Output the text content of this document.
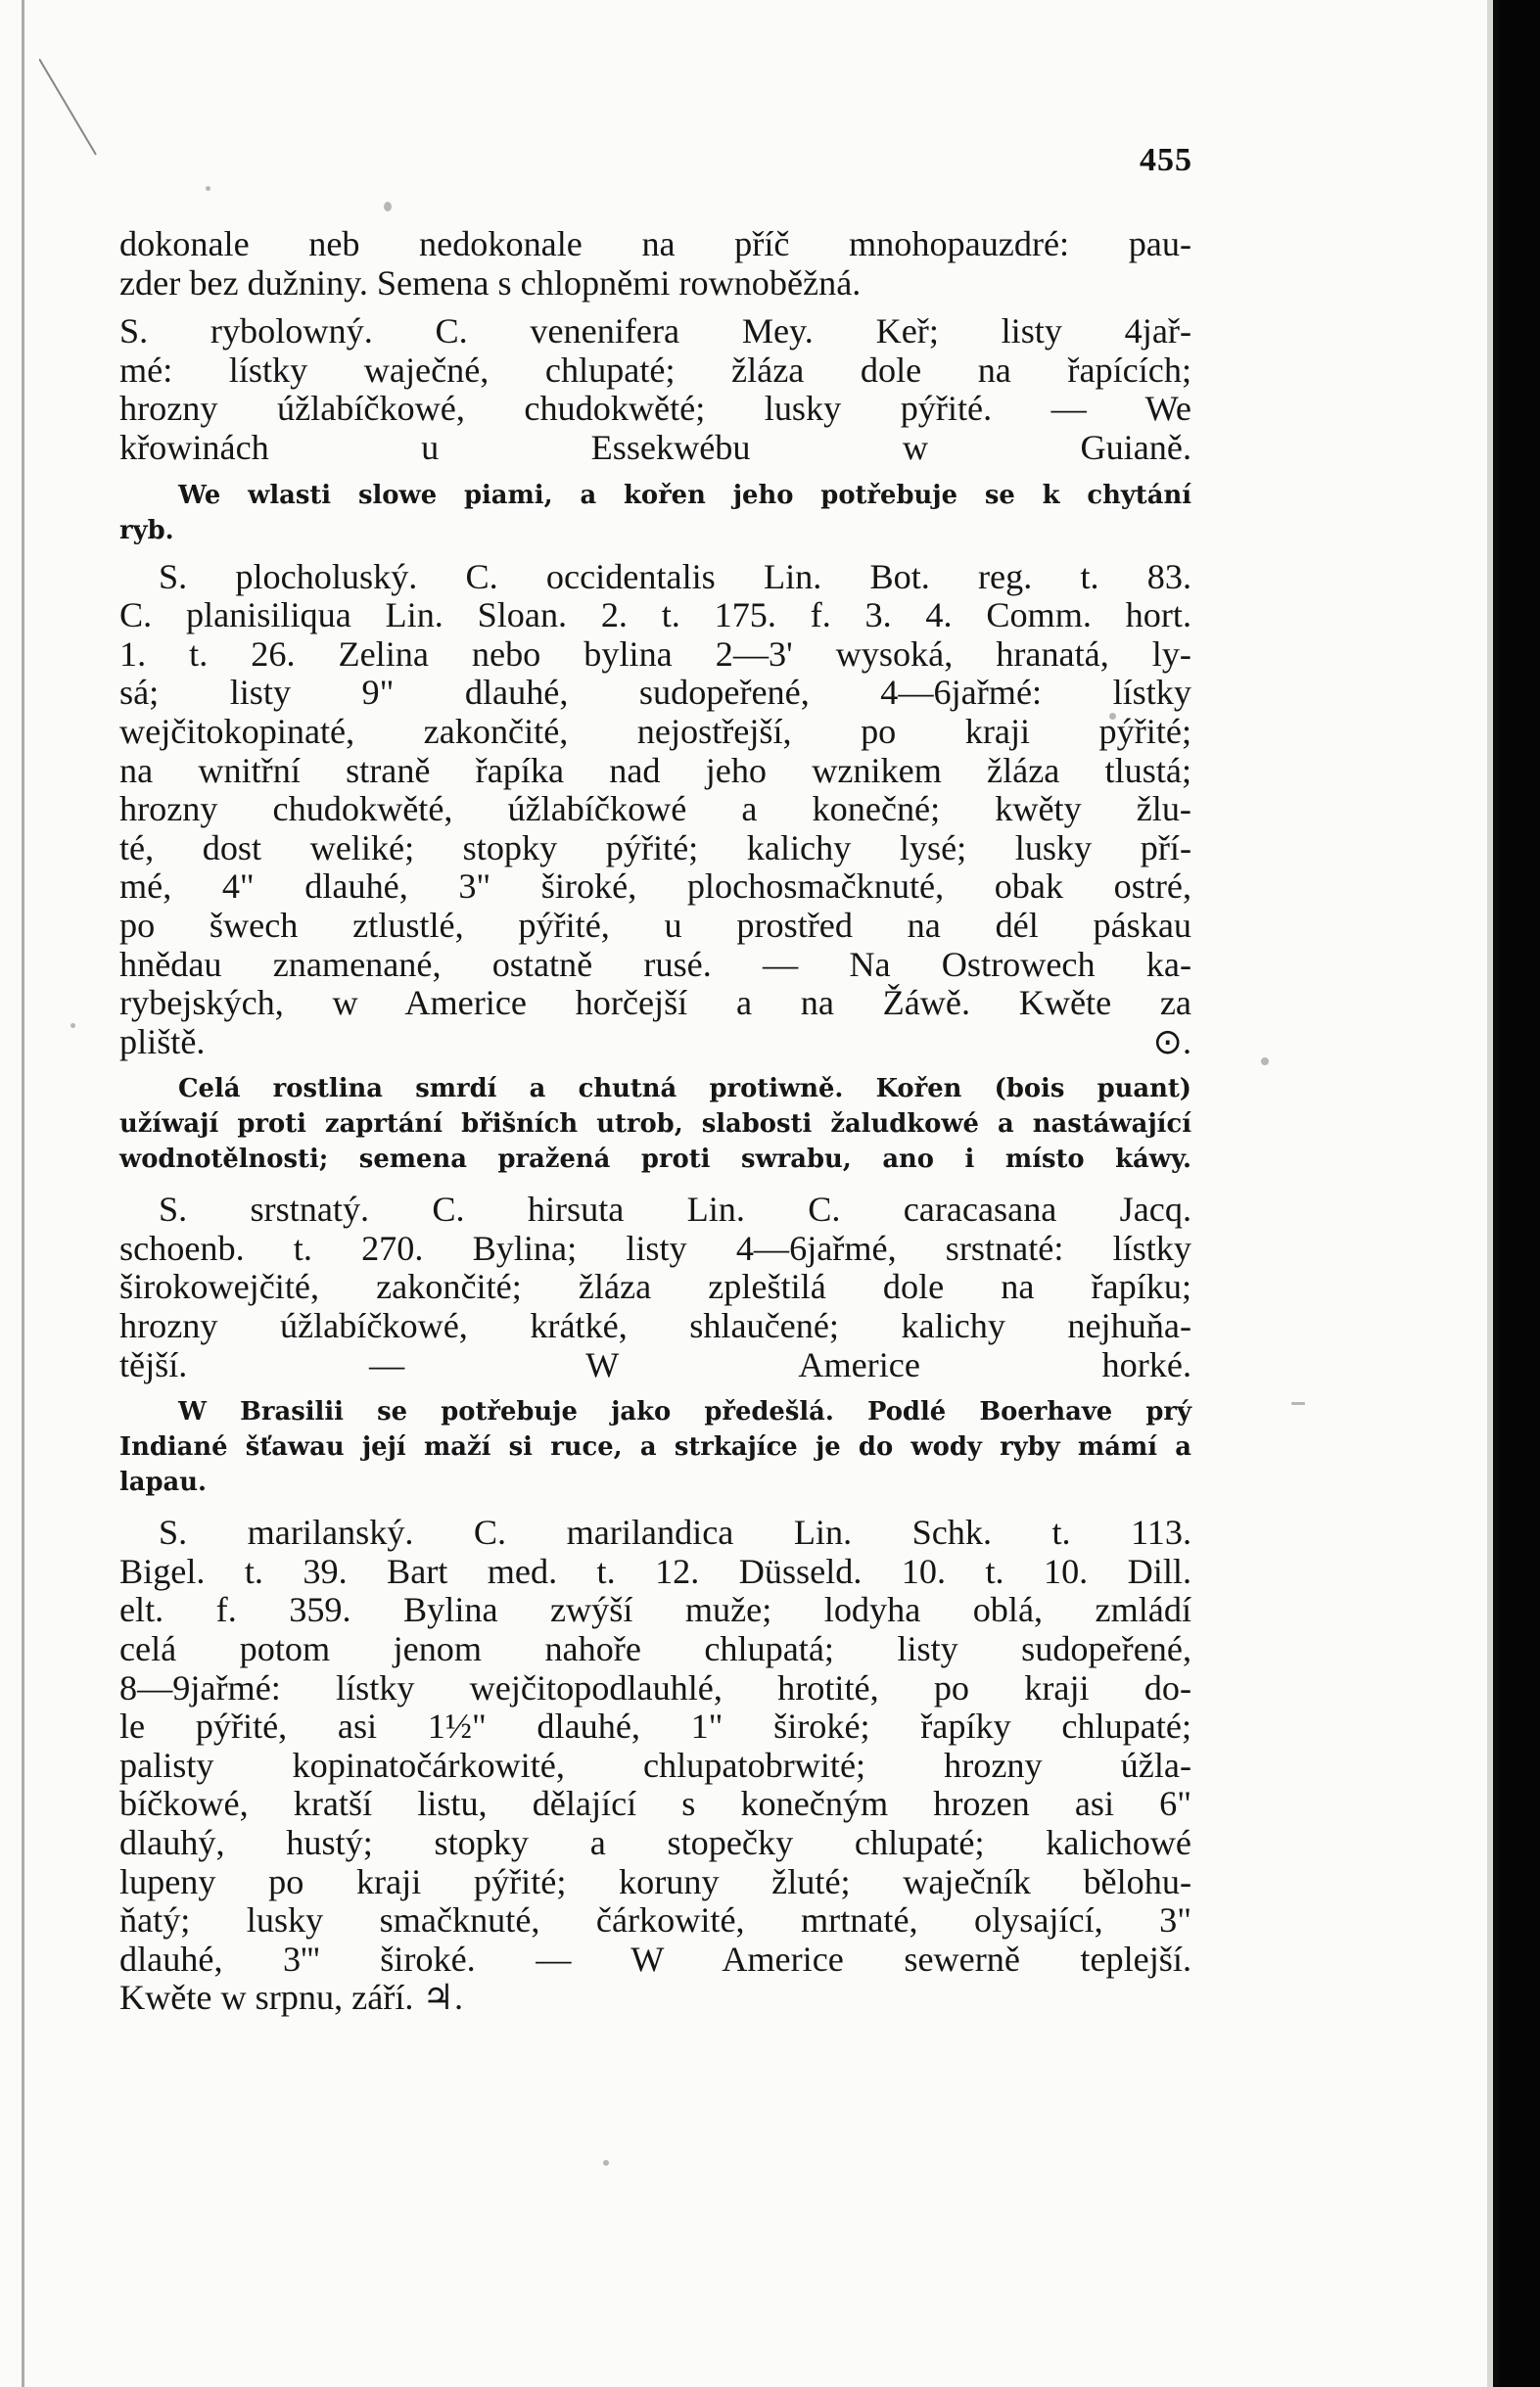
455

dokonale neb nedokonale na příč mnohopauzdré: pau-
zder bez dužniny. Semena s chlopněmi rownoběžná.

S. rybolowný. C. venenifera Mey. Keř; listy 4jař-
mé: lístky waječné, chlupaté; žláza dole na řapících;
hrozny úžlabíčkowé, chudokwěté; lusky pýřité. — We
křowinách u Essekwébu w Guianě.

We wlasti slowe piami, a kořen jeho potřebuje se k chytání
ryb.

S. plocholuský. C. occidentalis Lin. Bot. reg. t. 83.
C. planisiliqua Lin. Sloan. 2. t. 175. f. 3. 4. Comm. hort.
1. t. 26. Zelina nebo bylina 2—3' wysoká, hranatá, ly-
sá; listy 9" dlauhé, sudopeřené, 4—6jařmé: lístky
wejčitokopinaté, zakončité, nejostřejší, po kraji pýřité;
na wnitřní straně řapíka nad jeho wznikem žláza tlustá;
hrozny chudokwěté, úžlabíčkowé a konečné; kwěty žlu-
té, dost weliké; stopky pýřité; kalichy lysé; lusky pří-
mé, 4" dlauhé, 3" široké, plochosmačknuté, obak ostré,
po šwech ztlustlé, pýřité, u prostřed na dél páskau
hnědau znamenané, ostatně rusé. — Na Ostrowech ka-
rybejských, w Americe horčejší a na Žáwě. Kwěte za
pliště. ⊙.

Celá rostlina smrdí a chutná protiwně. Kořen (bois puant)
užíwají proti zaprtání břišních utrob, slabosti žaludkowé a nastáwající
wodnotělnosti; semena pražená proti swrabu, ano i místo káwy.

S. srstnatý. C. hirsuta Lin. C. caracasana Jacq.
schoenb. t. 270. Bylina; listy 4—6jařmé, srstnaté: lístky
širokowejčité, zakončité; žláza zpleštilá dole na řapíku;
hrozny úžlabíčkowé, krátké, shlaučené; kalichy nejhuňa-
tější. — W Americe horké.

W Brasilii se potřebuje jako předešlá. Podlé Boerhave prý
Indiané šťawau její maží si ruce, a strkajíce je do wody ryby mámí a
lapau.

S. marilanský. C. marilandica Lin. Schk. t. 113.
Bigel. t. 39. Bart med. t. 12. Düsseld. 10. t. 10. Dill.
elt. f. 359. Bylina zwýší muže; lodyha oblá, zmládí
celá potom jenom nahoře chlupatá; listy sudopeřené,
8—9jařmé: lístky wejčitopodlauhlé, hrotité, po kraji do-
le pýřité, asi 1½" dlauhé, 1" široké; řapíky chlupaté;
palisty kopinatočárkowité, chlupatobrwité; hrozny úžla-
bíčkowé, kratší listu, dělající s konečným hrozen asi 6"
dlauhý, hustý; stopky a stopečky chlupaté; kalichowé
lupeny po kraji pýřité; koruny žluté; waječník bělohu-
ňatý; lusky smačknuté, čárkowité, mrtnaté, olysající, 3"
dlauhé, 3''' široké. — W Americe sewerně teplejší.
Kwěte w srpnu, září. ♃.
